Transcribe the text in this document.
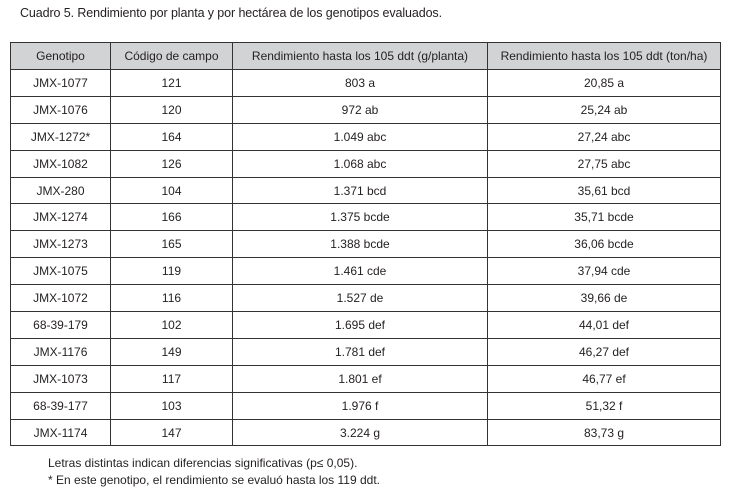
Cuadro 5. Rendimiento por planta y por hectárea de los genotipos evaluados.
Genotipo	Código de campo	Rendimiento hasta los 105 ddt (g/planta)	Rendimiento hasta los 105 ddt (ton/ha)
JMX-1077	121	803 a	20,85 a
JMX-1076	120	972 ab	25,24 ab
JMX-1272*	164	1.049 abc	27,24 abc
JMX-1082	126	1.068 abc	27,75 abc
JMX-280	104	1.371 bcd	35,61 bcd
JMX-1274	166	1.375 bcde	35,71 bcde
JMX-1273	165	1.388 bcde	36,06 bcde
JMX-1075	119	1.461 cde	37,94 cde
JMX-1072	116	1.527 de	39,66 de
68-39-179	102	1.695 def	44,01 def
JMX-1176	149	1.781 def	46,27 def
JMX-1073	117	1.801 ef	46,77 ef
68-39-177	103	1.976 f	51,32 f
JMX-1174	147	3.224 g	83,73 g
Letras distintas indican diferencias significativas (p≤ 0,05).
* En este genotipo, el rendimiento se evaluó hasta los 119 ddt.
